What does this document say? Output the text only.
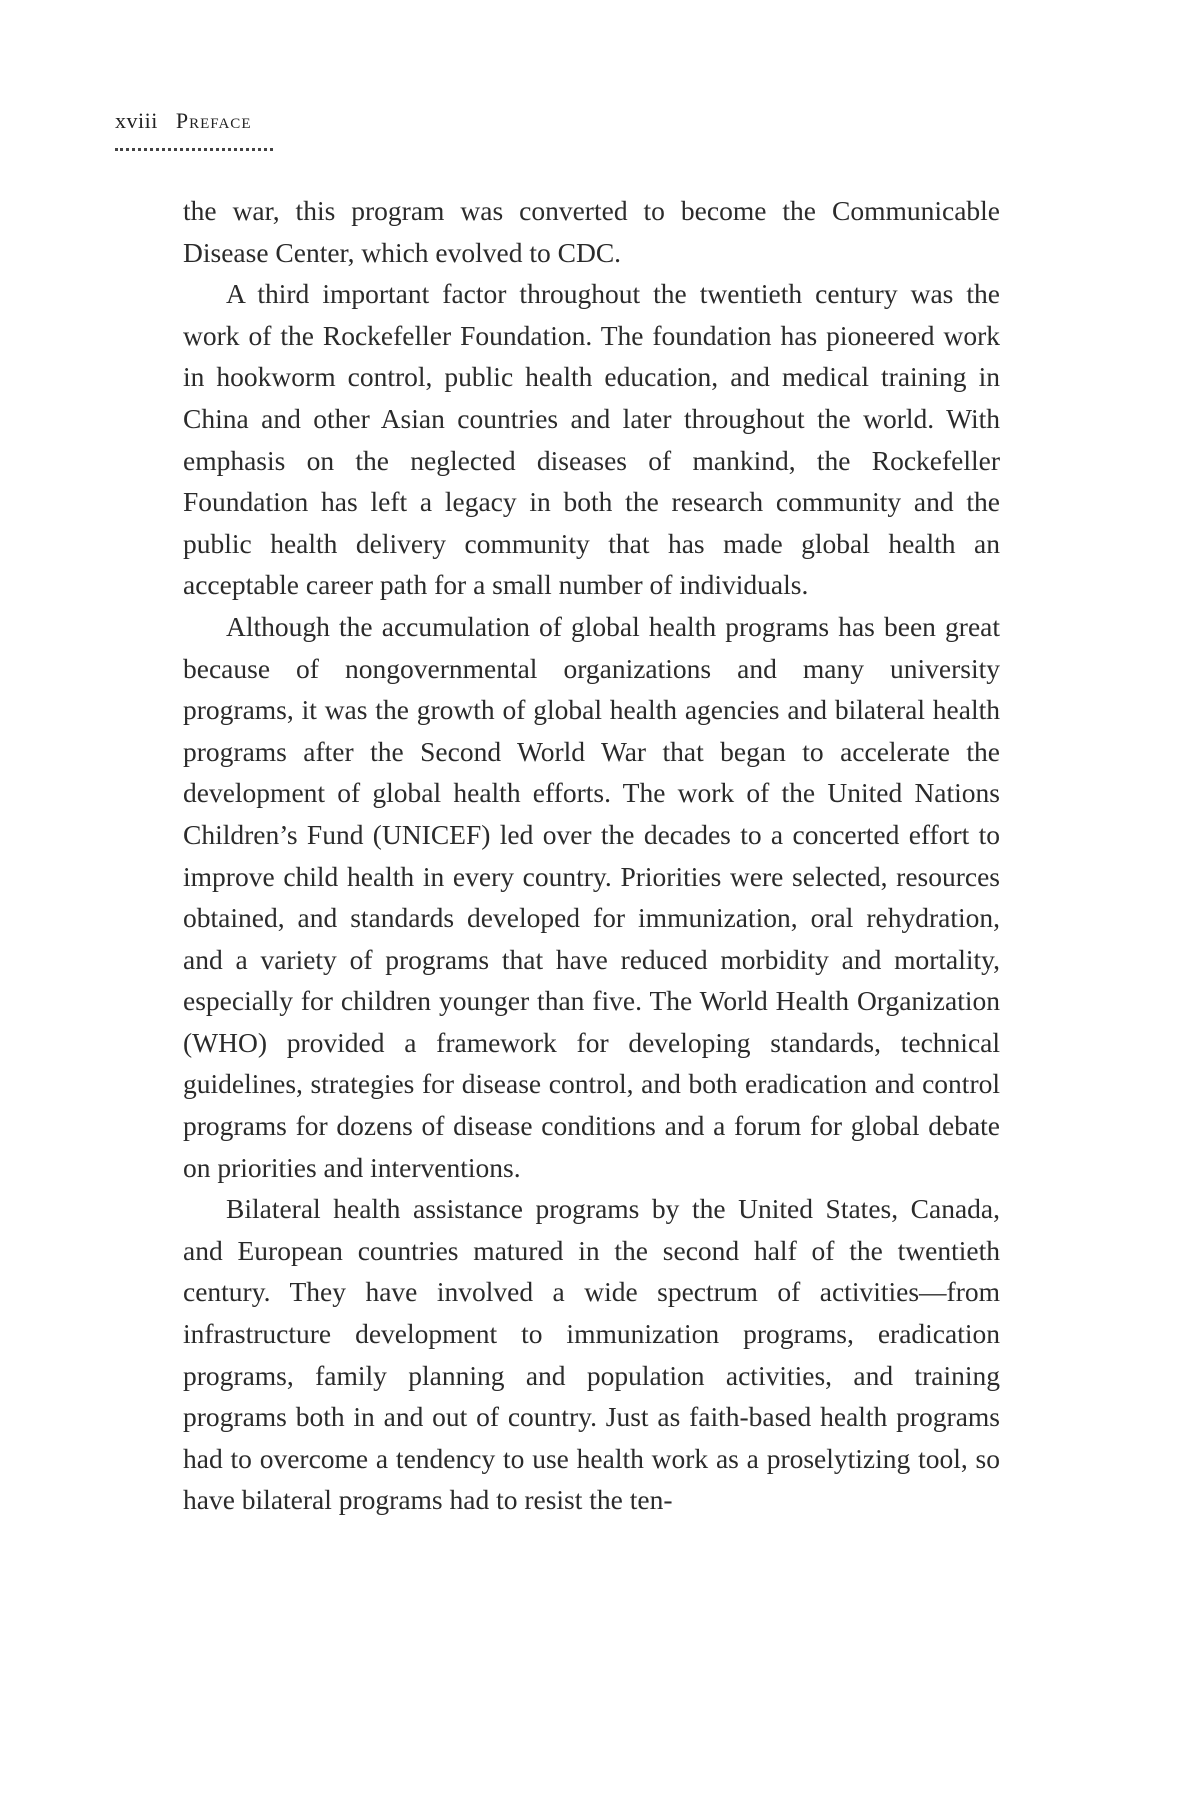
xviii Preface

the war, this program was converted to become the Communicable Disease Center, which evolved to CDC.

A third important factor throughout the twentieth century was the work of the Rockefeller Foundation. The foundation has pioneered work in hookworm control, public health education, and medical training in China and other Asian countries and later throughout the world. With emphasis on the neglected diseases of mankind, the Rockefeller Foundation has left a legacy in both the research community and the public health delivery community that has made global health an acceptable career path for a small number of individuals.

Although the accumulation of global health programs has been great because of nongovernmental organizations and many university programs, it was the growth of global health agencies and bilateral health programs after the Second World War that began to accelerate the development of global health efforts. The work of the United Nations Children’s Fund (UNICEF) led over the decades to a concerted effort to improve child health in every country. Priorities were selected, resources obtained, and standards developed for immunization, oral rehydration, and a variety of programs that have reduced morbidity and mortality, especially for children younger than five. The World Health Organization (WHO) provided a framework for developing standards, technical guidelines, strategies for disease control, and both eradication and control programs for dozens of disease conditions and a forum for global debate on priorities and interventions.

Bilateral health assistance programs by the United States, Canada, and European countries matured in the second half of the twentieth century. They have involved a wide spectrum of activities—from infrastructure development to immunization programs, eradication programs, family planning and population activities, and training programs both in and out of country. Just as faith-based health programs had to overcome a tendency to use health work as a proselytizing tool, so have bilateral programs had to resist the ten-
